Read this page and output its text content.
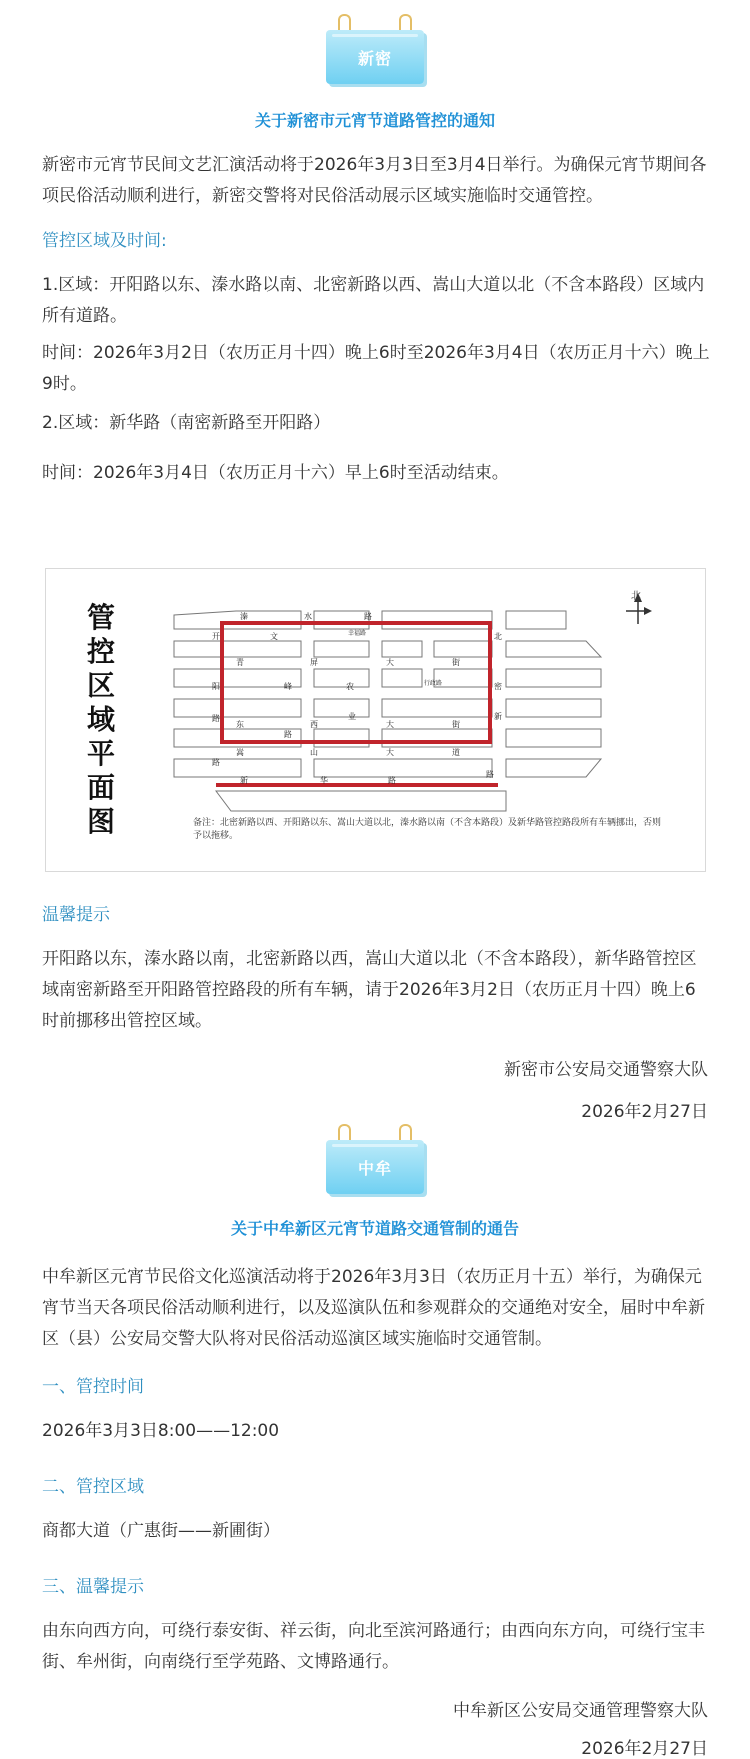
新密
关于新密市元宵节道路管控的通知

新密市元宵节民间文艺汇演活动将于2026年3月3日至3月4日举行。为确保元宵节期间各项民俗活动顺利进行，新密交警将对民俗活动展示区域实施临时交通管控。

管控区域及时间:

1.区域：开阳路以东、溱水路以南、北密新路以西、嵩山大道以北（不含本路段）区域内所有道路。

时间：2026年3月2日（农历正月十四）晚上6时至2026年3月4日（农历正月十六）晚上9时。

2.区域：新华路（南密新路至开阳路）

时间：2026年3月4日（农历正月十六）早上6时至活动结束。

管
控
区
域
平
面
图
溱	水	路
开	文	幸福路	北
青	屏	大	街
阳	峰	农	行政路	密
东	西	大	街
新
路	业
路
嵩	山	大	道
路
新	华	路
路
北
备注：北密新路以西、开阳路以东、嵩山大道以北，溱水路以南（不含本路段）及新华路管控路段所有车辆挪出，否则予以拖移。
温馨提示

开阳路以东，溱水路以南，北密新路以西，嵩山大道以北（不含本路段），新华路管控区域南密新路至开阳路管控路段的所有车辆，请于2026年3月2日（农历正月十四）晚上6时前挪移出管控区域。

新密市公安局交通警察大队
2026年2月27日
中牟
关于中牟新区元宵节道路交通管制的通告

中牟新区元宵节民俗文化巡演活动将于2026年3月3日（农历正月十五）举行，为确保元宵节当天各项民俗活动顺利进行，以及巡演队伍和参观群众的交通绝对安全，届时中牟新区（县）公安局交警大队将对民俗活动巡演区域实施临时交通管制。

一、管控时间

2026年3月3日8:00——12:00

二、管控区域

商都大道（广惠街——新圃街）

三、温馨提示

由东向西方向，可绕行泰安街、祥云街，向北至滨河路通行；由西向东方向，可绕行宝丰街、牟州街，向南绕行至学苑路、文博路通行。

中牟新区公安局交通管理警察大队
2026年2月27日
